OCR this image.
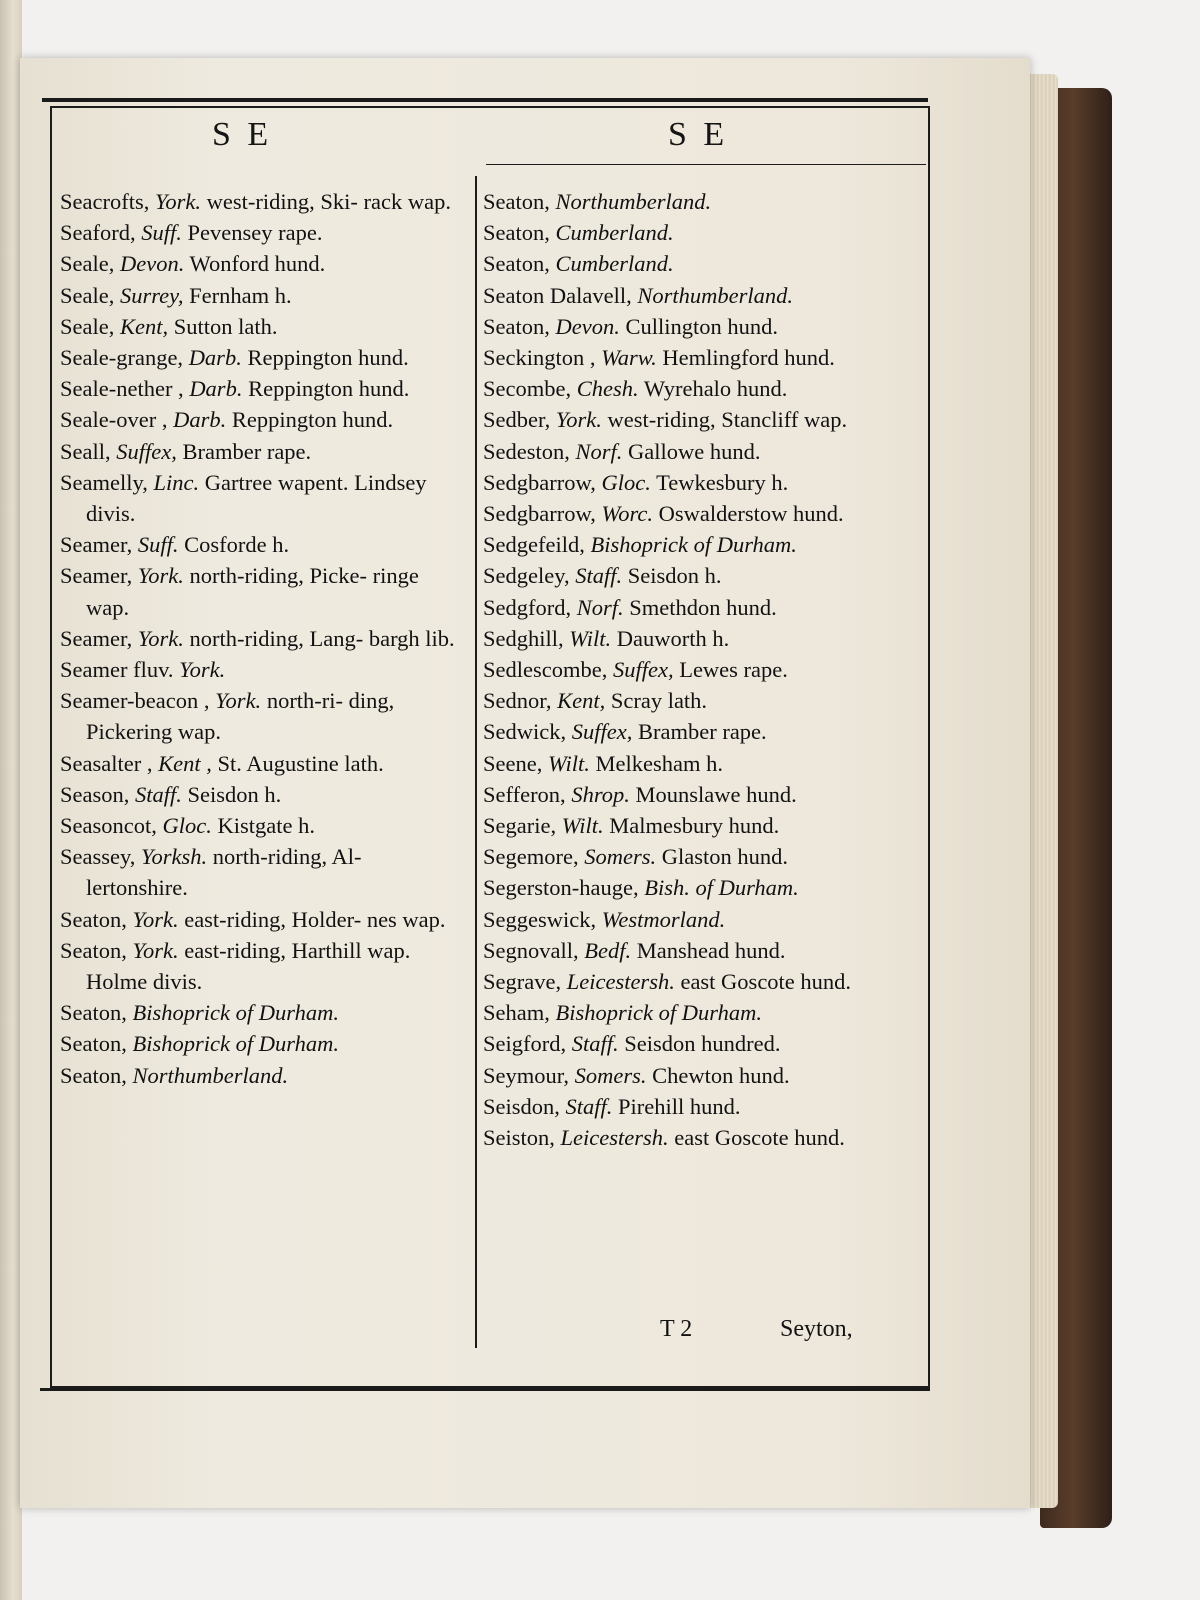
S E	S E
Seacrofts, York. west-riding, Ski- rack wap.
Seaford, Suff. Pevensey rape.
Seale, Devon. Wonford hund.
Seale, Surrey, Fernham h.
Seale, Kent, Sutton lath.
Seale-grange, Darb. Reppington hund.
Seale-nether , Darb. Reppington hund.
Seale-over , Darb. Reppington hund.
Seall, Suffex, Bramber rape.
Seamelly, Linc. Gartree wapent. Lindsey divis.
Seamer, Suff. Cosforde h.
Seamer, York. north-riding, Picke- ringe wap.
Seamer, York. north-riding, Lang- bargh lib.
Seamer fluv. York.
Seamer-beacon , York. north-ri- ding, Pickering wap.
Seasalter , Kent , St. Augustine lath.
Season, Staff. Seisdon h.
Seasoncot, Gloc. Kistgate h.
Seassey, Yorksh. north-riding, Al- lertonshire.
Seaton, York. east-riding, Holder- nes wap.
Seaton, York. east-riding, Harthill wap. Holme divis.
Seaton, Bishoprick of Durham.
Seaton, Bishoprick of Durham.
Seaton, Northumberland.
Seaton, Northumberland.
Seaton, Cumberland.
Seaton, Cumberland.
Seaton Dalavell, Northumberland.
Seaton, Devon. Cullington hund.
Seckington , Warw. Hemlingford hund.
Secombe, Chesh. Wyrehalo hund.
Sedber, York. west-riding, Stancliff wap.
Sedeston, Norf. Gallowe hund.
Sedgbarrow, Gloc. Tewkesbury h.
Sedgbarrow, Worc. Oswalderstow hund.
Sedgefeild, Bishoprick of Durham.
Sedgeley, Staff. Seisdon h.
Sedgford, Norf. Smethdon hund.
Sedghill, Wilt. Dauworth h.
Sedlescombe, Suffex, Lewes rape.
Sednor, Kent, Scray lath.
Sedwick, Suffex, Bramber rape.
Seene, Wilt. Melkesham h.
Sefferon, Shrop. Mounslawe hund.
Segarie, Wilt. Malmesbury hund.
Segemore, Somers. Glaston hund.
Segerston-hauge, Bish. of Durham.
Seggeswick, Westmorland.
Segnovall, Bedf. Manshead hund.
Segrave, Leicestersh. east Goscote hund.
Seham, Bishoprick of Durham.
Seigford, Staff. Seisdon hundred.
Seymour, Somers. Chewton hund.
Seisdon, Staff. Pirehill hund.
Seiston, Leicestersh. east Goscote hund.
T 2	Seyton,
